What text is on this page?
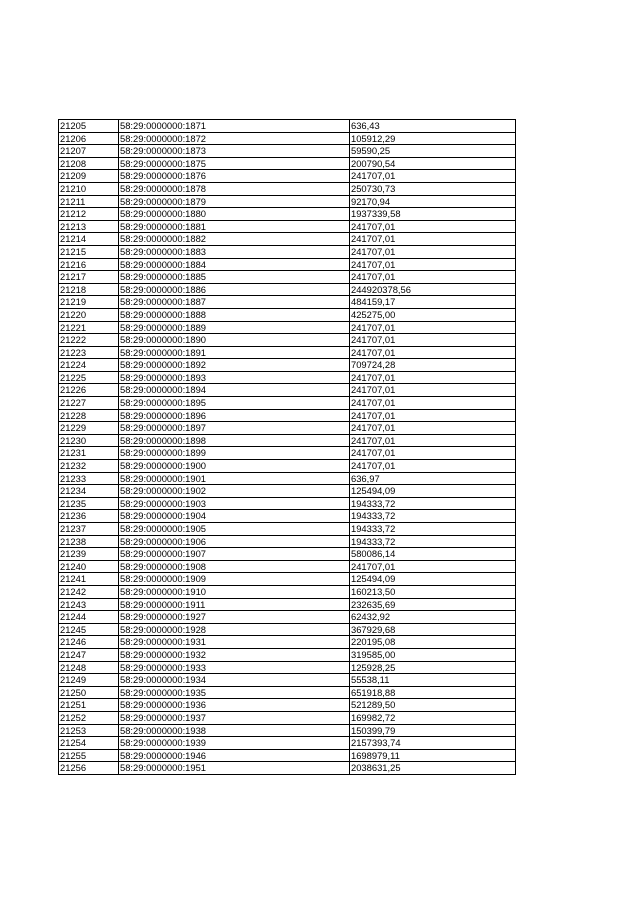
21205	58:29:0000000:1871	636,43
21206	58:29:0000000:1872	105912,29
21207	58:29:0000000:1873	59590,25
21208	58:29:0000000:1875	200790,54
21209	58:29:0000000:1876	241707,01
21210	58:29:0000000:1878	250730,73
21211	58:29:0000000:1879	92170,94
21212	58:29:0000000:1880	1937339,58
21213	58:29:0000000:1881	241707,01
21214	58:29:0000000:1882	241707,01
21215	58:29:0000000:1883	241707,01
21216	58:29:0000000:1884	241707,01
21217	58:29:0000000:1885	241707,01
21218	58:29:0000000:1886	244920378,56
21219	58:29:0000000:1887	484159,17
21220	58:29:0000000:1888	425275,00
21221	58:29:0000000:1889	241707,01
21222	58:29:0000000:1890	241707,01
21223	58:29:0000000:1891	241707,01
21224	58:29:0000000:1892	709724,28
21225	58:29:0000000:1893	241707,01
21226	58:29:0000000:1894	241707,01
21227	58:29:0000000:1895	241707,01
21228	58:29:0000000:1896	241707,01
21229	58:29:0000000:1897	241707,01
21230	58:29:0000000:1898	241707,01
21231	58:29:0000000:1899	241707,01
21232	58:29:0000000:1900	241707,01
21233	58:29:0000000:1901	636,97
21234	58:29:0000000:1902	125494,09
21235	58:29:0000000:1903	194333,72
21236	58:29:0000000:1904	194333,72
21237	58:29:0000000:1905	194333,72
21238	58:29:0000000:1906	194333,72
21239	58:29:0000000:1907	580086,14
21240	58:29:0000000:1908	241707,01
21241	58:29:0000000:1909	125494,09
21242	58:29:0000000:1910	160213,50
21243	58:29:0000000:1911	232635,69
21244	58:29:0000000:1927	62432,92
21245	58:29:0000000:1928	367929,68
21246	58:29:0000000:1931	220195,08
21247	58:29:0000000:1932	319585,00
21248	58:29:0000000:1933	125928,25
21249	58:29:0000000:1934	55538,11
21250	58:29:0000000:1935	651918,88
21251	58:29:0000000:1936	521289,50
21252	58:29:0000000:1937	169982,72
21253	58:29:0000000:1938	150399,79
21254	58:29:0000000:1939	2157393,74
21255	58:29:0000000:1946	1698979,11
21256	58:29:0000000:1951	2038631,25
